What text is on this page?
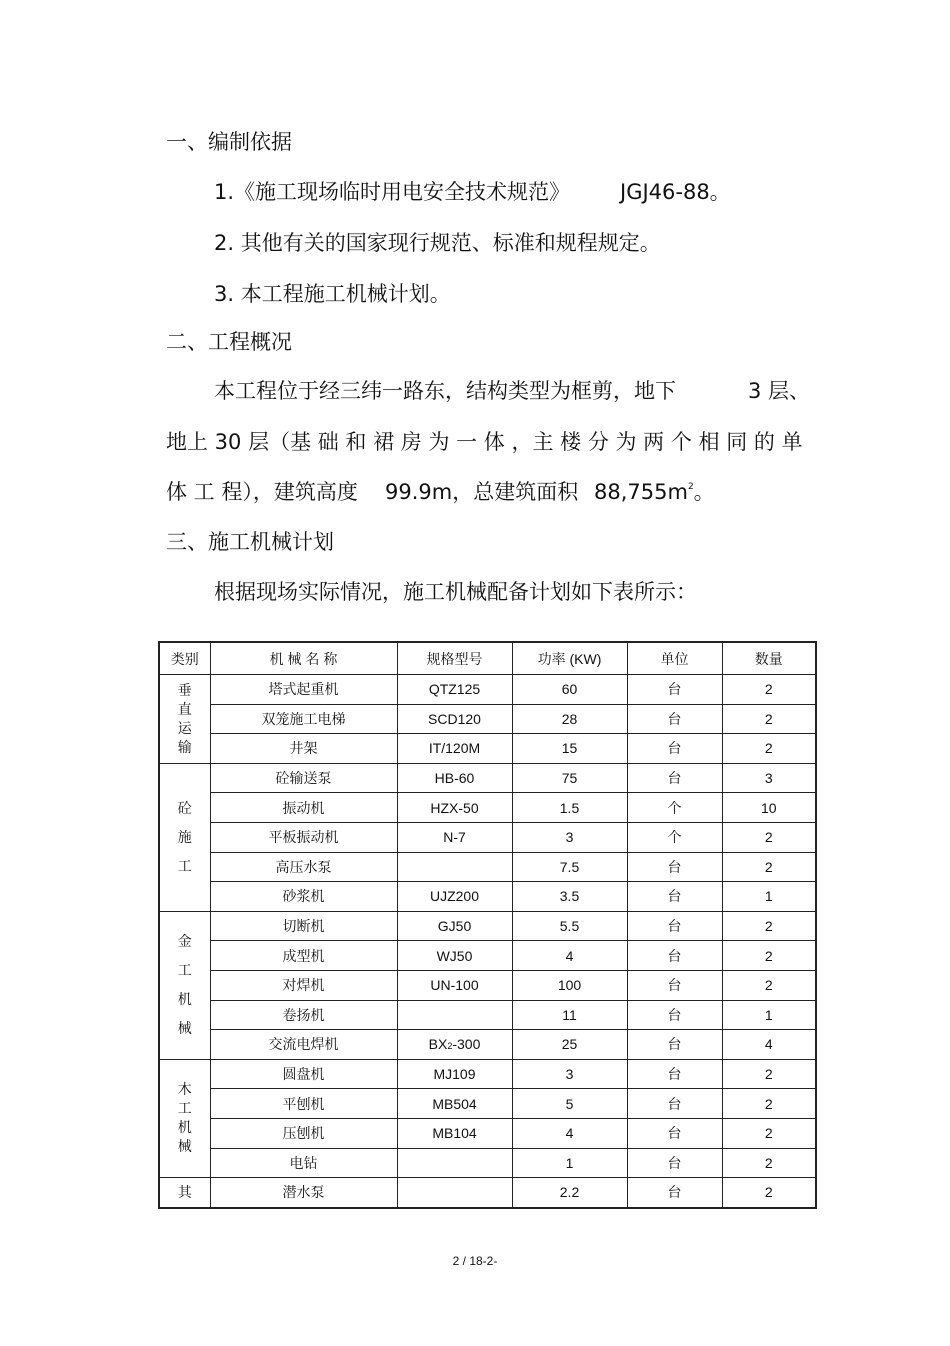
一、编制依据
1.《施工现场临时用电安全技术规范》 JGJ46-88。
2. 其他有关的国家现行规范、标准和规程规定。
3. 本工程施工机械计划。
二、工程概况
本工程位于经三纬一路东，结构类型为框剪，地下	3 层、
地上 30 层（基 础 和 裙 房 为 一 体 ，主 楼 分 为 两 个 相 同 的 单
体 工 程），建筑高度 99.9m，总建筑面积 $88,755m^2$。
三、施工机械计划
根据现场实际情况，施工机械配备计划如下表所示：
类别	机 械 名 称	规格型号	功率 (KW)	单位	数量

垂
直
运
输	塔式起重机	QTZ125	60	台	2
	双笼施工电梯	SCD120	28	台	2
	井架	IT/120M	15	台	2

砼
施
工	砼输送泵	HB-60	75	台	3
	振动机	HZX-50	1.5	个	10
	平板振动机	N-7	3	个	2
	高压水泵		7.5	台	2
	砂浆机	UJZ200	3.5	台	1

金
工
机
械	切断机	GJ50	5.5	台	2
	成型机	WJ50	4	台	2
	对焊机	UN-100	100	台	2
	卷扬机		11	台	1
	交流电焊机	BX2-300	25	台	4

木
工
机
械	圆盘机	MJ109	3	台	2
	平刨机	MB504	5	台	2
	压刨机	MB104	4	台	2
	电钻		1	台	2

其	潜水泵		2.2	台	2
2 / 18-2-
